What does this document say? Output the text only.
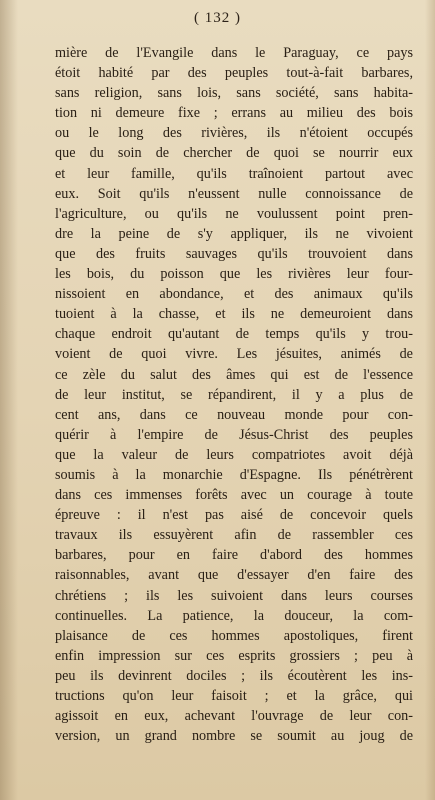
( 132 )
mière de l'Evangile dans le Paraguay, ce pays
étoit habité par des peuples tout-à-fait barbares,
sans religion, sans lois, sans société, sans habita-
tion ni demeure fixe ; errans au milieu des bois
ou le long des rivières, ils n'étoient occupés
que du soin de chercher de quoi se nourrir eux
et leur famille, qu'ils traînoient partout avec
eux. Soit qu'ils n'eussent nulle connoissance de
l'agriculture, ou qu'ils ne voulussent point pren-
dre la peine de s'y appliquer, ils ne vivoient
que des fruits sauvages qu'ils trouvoient dans
les bois, du poisson que les rivières leur four-
nissoient en abondance, et des animaux qu'ils
tuoient à la chasse, et ils ne demeuroient dans
chaque endroit qu'autant de temps qu'ils y trou-
voient de quoi vivre. Les jésuites, animés de
ce zèle du salut des âmes qui est de l'essence
de leur institut, se répandirent, il y a plus de
cent ans, dans ce nouveau monde pour con-
quérir à l'empire de Jésus-Christ des peuples
que la valeur de leurs compatriotes avoit déjà
soumis à la monarchie d'Espagne. Ils pénétrèrent
dans ces immenses forêts avec un courage à toute
épreuve : il n'est pas aisé de concevoir quels
travaux ils essuyèrent afin de rassembler ces
barbares, pour en faire d'abord des hommes
raisonnables, avant que d'essayer d'en faire des
chrétiens ; ils les suivoient dans leurs courses
continuelles. La patience, la douceur, la com-
plaisance de ces hommes apostoliques, firent
enfin impression sur ces esprits grossiers ; peu à
peu ils devinrent dociles ; ils écoutèrent les ins-
tructions qu'on leur faisoit ; et la grâce, qui
agissoit en eux, achevant l'ouvrage de leur con-
version, un grand nombre se soumit au joug de
